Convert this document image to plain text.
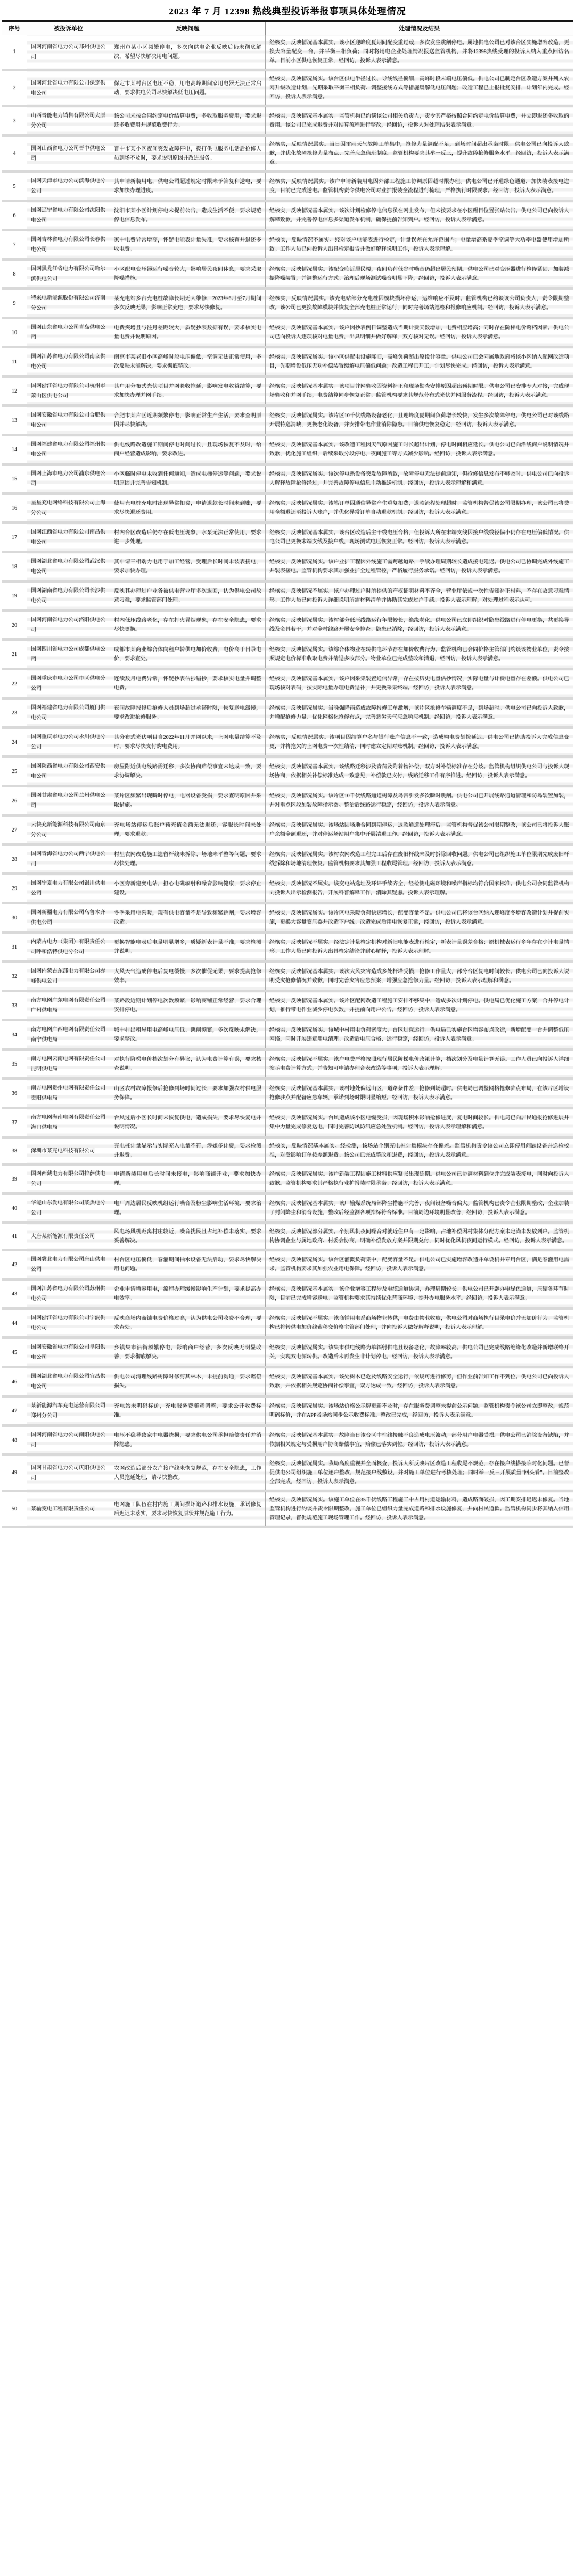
2023 年 7 月 12398 热线典型投诉举报事项具体处理情况
序号	被投诉单位	反映问题	处理情况及结果
1	国网河南省电力公司郑州供电公司	郑州市某小区频繁停电，多次向供电企业反映后仍未彻底解决，希望尽快解决用电问题。	经核实，反映情况基本属实。该小区迎峰度夏期间配变重过载，多次发生跳闸停电。属地供电公司已对该台区实施增容改造，更换大容量配变一台，并平衡三相负荷；同时将用电企业处理情况报送监管机构，并将12398热线受理的投诉人纳入重点回访名单。目前小区供电恢复正常，经回访，投诉人表示满意。
2	国网河北省电力有限公司保定供电公司	保定市某村台区电压不稳，用电高峰期间家用电器无法正常启动，要求供电公司尽快解决低电压问题。	经核实，反映情况属实。该台区供电半径过长、导线线径偏细，高峰时段末端电压偏低。供电公司已制定台区改造方案并列入农网升级改造计划，先期采取平衡三相负荷、调整接线方式等措施缓解低电压问题；改造工程已上报批复安排，计划年内完成。经回访，投诉人表示满意。
3	山西晋能电力销售有限公司太原分公司	该公司未按合同约定电价结算电费，多收取服务费用，要求退还多收费用并规范收费行为。	经核实，反映情况基本属实。监管机构已约谈该公司相关负责人，责令其严格按照合同约定电价结算电费，并立即退还多收取的费用。该公司已完成退费并对结算流程进行整改，经回访，投诉人对处理结果表示满意。
4	国网山西省电力公司晋中供电公司	晋中市某小区夜间突发故障停电，拨打供电服务电话后抢修人员到场不及时，要求说明原因并改进服务。	经核实，反映情况属实。当日因雷雨天气故障工单集中，抢修力量调配不足，到场时间超出承诺时限。供电公司已向投诉人致歉，并优化故障抢修力量布点、完善应急值班制度。监管机构要求其举一反三，提升故障抢修服务水平。经回访，投诉人表示满意。
5	国网天津市电力公司滨海供电分公司	其申请新装用电，供电公司超过规定时限未予答复和送电，要求加快办理进度。	经核实，反映情况属实。该户申请新装用电因外部工程施工协调原因超时限办理。供电公司已开通绿色通道，加快装表接电进度，目前已完成送电。监管机构责令供电公司对业扩报装全流程进行梳理，严格执行时限要求。经回访，投诉人表示满意。
6	国网辽宁省电力有限公司沈阳供电公司	沈阳市某小区计划停电未提前公告，造成生活不便，要求规范停电信息发布。	经核实，反映情况基本属实。该次计划检修停电信息虽在网上发布，但未按要求在小区醒目位置张贴公告。供电公司已向投诉人解释致歉，并完善停电信息多渠道发布机制，确保提前告知到户。经回访，投诉人表示满意。
7	国网吉林省电力有限公司长春供电公司	家中电费异常增高，怀疑电能表计量失准，要求核查并退还多收电费。	经核实，反映情况不属实。经对该户电能表进行检定，计量误差在允许范围内；电量增高系夏季空调等大功率电器使用增加所致。工作人员已向投诉人出具检定报告并做好解释说明工作，投诉人表示理解。
8	国网黑龙江省电力有限公司哈尔滨供电公司	小区配电变压器运行噪音较大，影响居民夜间休息，要求采取降噪措施。	经核实，反映情况属实。该配变临近居民楼，夜间负荷低谷时噪音仍超出居民预期。供电公司已对变压器进行检修紧固、加装减振降噪装置，并调整运行方式。治理后现场测试噪音明显下降，经回访，投诉人表示满意。
9	特来电新能源股份有限公司济南分公司	某充电站多台充电桩故障长期无人维修，2023年6月至7月期间多次反映无果，影响正常充电，要求尽快修复。	经核实，反映情况属实。该充电站部分充电桩因模块损坏停运，运维响应不及时。监管机构已约谈该公司负责人，责令限期整改。该公司已更换故障模块并恢复全部充电桩正常运行，同时完善场站巡检和报修响应机制。经回访，投诉人表示满意。
10	国网山东省电力公司青岛供电公司	电费突增且与往月差距较大，质疑抄表数据有误，要求核实电量电费并说明原因。	经核实，反映情况基本属实。该户因抄表例日调整造成当期计费天数增加，电费相应增高；同时存在阶梯电价跨档因素。供电公司已向投诉人逐项核对电量电费，出具明细并做好解释，双方核对无误。经回访，投诉人表示满意。
11	国网江苏省电力有限公司南京供电公司	南京市某老旧小区高峰时段电压偏低，空调无法正常使用，多次反映未能解决，要求彻底整改。	经核实，反映情况属实。该小区供配电设施陈旧，高峰负荷超出原设计容量。供电公司已会同属地政府将该小区纳入配网改造项目，先期增设低压无功补偿装置缓解电压偏低问题；改造工程已开工，计划尽快完成。经回访，投诉人表示满意。
12	国网浙江省电力有限公司杭州市萧山区供电公司	其户用分布式光伏项目并网验收拖延，影响发电收益结算，要求加快办理并网手续。	经核实，反映情况基本属实。该项目并网验收因资料补正和现场勘查安排原因超出预期时限。供电公司已安排专人对接，完成现场验收和并网手续，电费结算同步恢复正常。监管机构要求其规范分布式光伏并网服务流程。经回访，投诉人表示满意。
13	国网安徽省电力有限公司合肥供电公司	合肥市某片区近期频繁停电，影响正常生产生活，要求查明原因并尽快解决。	经核实，反映情况属实。该片区10千伏线路设备老化，且迎峰度夏期间负荷增长较快，发生多次故障停电。供电公司已对该线路开展特巡消缺，更换老化设备，并安排带电作业消除隐患。目前供电恢复稳定，经回访，投诉人表示满意。
14	国网福建省电力有限公司福州供电公司	供电线路改造施工期间停电时间过长，且现场恢复不及时，给商户经营造成影响，要求改进。	经核实，反映情况基本属实。该改造工程因天气原因施工时长超出计划，停电时间相应延长。供电公司已向沿线商户说明情况并致歉，优化施工组织，后续采取分段停电、夜间施工等方式减少影响。经回访，投诉人表示满意。
15	国网上海市电力公司浦东供电公司	小区临时停电未收到任何通知，造成电梯停运等问题，要求说明原因并完善告知机制。	经核实，反映情况属实。该次停电系设备突发故障所致，故障停电无法提前通知，但抢修信息发布不够及时。供电公司已向投诉人解释故障抢修经过，并完善故障停电信息主动推送机制。经回访，投诉人表示理解和满意。
16	星星充电网络科技有限公司上海分公司	使用充电桩充电时出现异常扣费，申请退款长时间未到账，要求尽快退还费用。	经核实，反映情况属实。该笔订单因通信异常产生重复扣费，退款流程处理超时。监管机构督促该公司限期办理，该公司已将费用全额退还至投诉人账户，并优化异常订单自动退款机制。经回访，投诉人表示满意。
17	国网江西省电力有限公司南昌供电公司	村内台区改造后仍存在低电压现象，水泵无法正常使用，要求进一步处理。	经核实，反映情况基本属实。该台区改造后主干线电压合格，但投诉人所在末端支线因接户线线径偏小仍存在电压偏低情况。供电公司已更换末端支线及接户线，现场测试电压恢复正常。经回访，投诉人表示满意。
18	国网湖北省电力有限公司武汉供电公司	其申请三相动力电用于加工经营，受理后长时间未装表接电，要求加快办理。	经核实，反映情况属实。该户业扩工程因外线施工需跨越道路，手续办理周期较长造成接电延迟。供电公司已协调完成外线施工并装表接电。监管机构要求其加强业扩全过程管控，严格履行服务承诺。经回访，投诉人表示满意。
19	国网湖南省电力有限公司长沙供电公司	反映其办理过户业务被供电营业厅多次退回，认为供电公司故意刁难，要求监管部门处理。	经核实，反映情况不属实。该户办理过户时所提供的产权证明材料不齐全，营业厅依规一次性告知补正材料，不存在故意刁难情形。工作人员已向投诉人详细说明所需材料清单并协助其完成过户手续。投诉人表示理解，对处理过程表示认可。
20	国网河南省电力公司洛阳供电公司	村内低压线路老化，存在打火冒烟现象，存在安全隐患，要求尽快更换。	经核实，反映情况属实。该村部分低压线路运行年限较长，绝缘老化。供电公司已立即组织对隐患线路进行停电更换，共更换导线及金具若干，并对全村线路开展安全排查。隐患已消除，经回访，投诉人表示满意。
21	国网四川省电力公司成都供电公司	成都市某商业综合体向租户转供电加价收费，电价高于目录电价，要求查处。	经核实，反映情况属实。该综合体物业在转供电环节存在加价收费行为。监管机构已会同价格主管部门约谈该物业单位，责令按照规定电价标准收取电费并清退多收部分。物业单位已完成整改和清退，经回访，投诉人表示满意。
22	国网重庆市电力公司市区供电分公司	连续数月电费异常，怀疑抄表估抄错抄，要求核实电量并调整电费。	经核实，反映情况基本属实。该户因采集装置通信异常，存在按历史电量估抄情况，实际电量与计费电量存在差额。供电公司已现场核对表码，按实际电量办理电费退补，并更换采集终端。经回访，投诉人表示满意。
23	国网福建省电力有限公司厦门供电公司	夜间故障报修后抢修人员到场超过承诺时限，恢复送电缓慢，要求改进抢修服务。	经核实，反映情况属实。当晚强降雨造成故障报修工单激增，该片区抢修车辆调度不足，到场超时。供电公司已向投诉人致歉，并增配抢修力量、优化网格化抢修布点，完善恶劣天气应急响应机制。经回访，投诉人表示满意。
24	国网重庆市电力公司永川供电分公司	其分布式光伏项目自2022年11月并网以来，上网电量结算不及时，要求尽快支付购电费用。	经核实，反映情况属实。该项目因结算户名与银行账户信息不一致，造成购电费划拨延迟。供电公司已协助投诉人完成信息变更，并将拖欠的上网电费一次性结清，同时建立定期对账机制。经回访，投诉人表示满意。
25	国网陕西省电力有限公司西安供电公司	房屋附近供电线路需迁移，多次协商赔偿事宜未达成一致，要求协调解决。	经核实，反映情况基本属实。该线路迁移涉及青苗及附着物补偿，双方对补偿标准存在分歧。监管机构组织供电公司与投诉人现场协商，依据相关补偿标准达成一致意见，补偿款已支付，线路迁移工作有序推进。经回访，投诉人表示满意。
26	国网甘肃省电力公司兰州供电公司	某片区频繁出现瞬时停电，电器设备受损，要求查明原因并采取措施。	经核实，反映情况属实。该片区10千伏线路通道树障及鸟害引发多次瞬时跳闸。供电公司已开展线路通道清理和防鸟装置加装，并对重点区段加装故障指示器。整治后线路运行稳定，经回访，投诉人表示满意。
27	云快充新能源科技有限公司南京分公司	充电场站停运后账户预充值金额无法退还，客服长时间未处理，要求退款。	经核实，反映情况属实。该场站因场地合同到期停运，退款通道处理滞后。监管机构督促该公司限期整改，该公司已将投诉人账户余额全额退还，并对停运场站用户集中开展清退工作。经回访，投诉人表示满意。
28	国网青海省电力公司西宁供电公司	村里农网改造施工遗留杆线未拆除、场地未平整等问题，要求尽快处理。	经核实，反映情况属实。该村农网改造工程完工后存在废旧杆线未及时拆除回收问题。供电公司已组织施工单位限期完成废旧杆线拆除和场地清理恢复。监管机构要求其加强工程收尾管理。经回访，投诉人表示满意。
29	国网宁夏电力有限公司银川供电公司	小区旁新建变电站，担心电磁辐射和噪音影响健康，要求停止建设。	经核实，反映情况不属实。该变电站选址及环评手续齐全，经检测电磁环境和噪声指标均符合国家标准。供电公司会同监管机构向投诉人出示检测报告，开展科普解释工作，消除其疑虑。投诉人表示理解。
30	国网新疆电力有限公司乌鲁木齐供电公司	冬季采用电采暖，现有供电容量不足导致频繁跳闸，要求增容改造。	经核实，反映情况属实。该片区电采暖负荷快速增长，配变容量不足。供电公司已将该台区纳入迎峰度冬增容改造计划并提前实施，更换大容量变压器并改造下户线。改造完成后用电恢复正常，经回访，投诉人表示满意。
31	内蒙古电力（集团）有限责任公司呼和浩特供电分公司	更换智能电表后电量明显增多，质疑新表计量不准，要求检测并说明。	经核实，反映情况不属实。经法定计量检定机构对新旧电能表进行检定，新表计量误差合格；原机械表运行多年存在少计电量情形。工作人员已向投诉人出具检定结论并耐心解释，投诉人表示理解。
32	国网内蒙古东部电力有限公司赤峰供电公司	大风天气造成停电后复电缓慢，多次催促无果，要求提高抢修效率。	经核实，反映情况基本属实。该次大风灾害造成多处杆塔受损，抢修工作量大，部分台区复电时间较长。供电公司已向投诉人说明受灾抢修情况并致歉，同时完善灾害应急预案，增强应急抢修力量。经回访，投诉人表示理解和满意。
33	南方电网广东电网有限责任公司广州供电局	某路段近期计划停电次数频繁，影响商铺正常经营，要求合理安排停电。	经核实，反映情况基本属实。该片区配网改造工程施工安排不够集中，造成多次计划停电。供电局已优化施工方案，合并停电计划，推行带电作业减少停电次数，并提前向用户公告。经回访，投诉人表示满意。
34	南方电网广西电网有限责任公司南宁供电局	城中村出租屋用电高峰电压低、跳闸频繁，多次反映未解决，要求整改。	经核实，反映情况属实。该城中村用电负荷密度大，台区过载运行。供电局已实施台区增容布点改造，新增配变一台并调整低压网络，同时开展违章用电清理。改造后电压合格、运行稳定，经回访，投诉人表示满意。
35	南方电网云南电网有限责任公司昆明供电局	对执行阶梯电价档次划分有异议，认为电费计算有误，要求核查说明。	经核实，反映情况不属实。该户电费严格按照现行居民阶梯电价政策计算，档次划分及电量计算无误。工作人员已向投诉人详细演示电费计算方式，并告知可申请办理合表改造等事项，投诉人表示理解。
36	南方电网贵州电网有限责任公司贵阳供电局	山区农村故障报修后抢修到场时间过长，要求加强农村供电服务保障。	经核实，反映情况基本属实。该村地处偏远山区，道路条件差，抢修到场超时。供电局已调整网格抢修驻点布局，在该片区增设抢修驻点并配备应急车辆，承诺到场时限明显缩短。经回访，投诉人表示满意。
37	南方电网海南电网有限责任公司海口供电局	台风过后小区长时间未恢复供电，造成损失，要求尽快复电并说明情况。	经核实，反映情况属实。台风造成该小区电缆受损，因现场积水影响抢修进度，复电时间较长。供电局已向居民通报抢修进展并集中力量完成修复送电，同时完善防风防汛应急处置机制。经回访，投诉人表示理解和满意。
38	深圳市某充电科技有限公司	充电桩计量显示与实际充入电量不符，涉嫌多计费，要求检测并退费。	经核实，反映情况基本属实。经检测，该场站个别充电桩计量模块存在偏差。监管机构责令该公司立即停用问题设备并送检校准，对受影响订单按差额退费。该公司已完成整改和退费，经回访，投诉人表示满意。
39	国网西藏电力有限公司拉萨供电公司	申请新装用电后长时间未接电，影响商铺开业，要求加快办理。	经核实，反映情况属实。该户新装工程因施工材料供应紧张出现延期。供电公司已协调材料到位并完成装表接电，同时向投诉人致歉。监管机构要求其严格执行业扩报装时限承诺。经回访，投诉人表示满意。
40	华能山东发电有限公司某热电分公司	电厂周边居民反映机组运行噪音及粉尘影响生活环境，要求治理。	经核实，反映情况基本属实。该厂输煤系统局部降尘措施不完善，夜间设备噪音偏大。监管机构已责令企业限期整改，企业加装了封闭降尘和消音设施，整改后经监测各项指标符合标准。目前周边环境明显改善，经回访，投诉人表示满意。
41	大唐某新能源有限责任公司	风电场风机距离村庄较近，噪音扰民且占地补偿未落实，要求妥善解决。	经核实，反映情况部分属实。个别风机夜间噪音对就近住户有一定影响，占地补偿因村集体分配方案未定尚未发放到户。监管机构协调企业与属地政府、村委会协商，明确补偿发放方案并限期兑付，同时优化风机夜间运行模式。经回访，投诉人表示满意。
42	国网冀北电力有限公司唐山供电公司	村台区电压偏低，春灌期间抽水设备无法启动，要求尽快解决用电问题。	经核实，反映情况属实。该台区灌溉负荷集中，配变容量不足。供电公司已实施增容改造并单设机井专用台区，满足春灌用电需求。监管机构要求其加强农业用电保障。经回访，投诉人表示满意。
43	国网江苏省电力有限公司苏州供电公司	企业申请增容用电，流程办理缓慢影响生产计划，要求提高办电效率。	经核实，反映情况基本属实。该企业增容工程涉及电缆通道协调，办理周期较长。供电公司已开辟办电绿色通道，压缩各环节时限，目前已完成增容送电。监管机构要求其持续优化营商环境、提升办电服务水平。经回访，投诉人表示满意。
44	国网浙江省电力有限公司宁波供电公司	反映商场内商铺电费价格过高，认为供电公司收费不合理，要求查处。	经核实，反映情况不属实。该商铺用电系商场物业转供，电费由物业收取，供电公司对商场执行目录电价并无加价行为。监管机构已将转供电加价线索移交价格主管部门处理，并向投诉人做好解释说明，投诉人表示理解。
45	国网安徽省电力有限公司阜阳供电公司	乡镇集市沿街频繁停电，影响商户经营，多次反映无明显改善，要求彻底解决。	经核实，反映情况属实。该集市供电线路为单辐射供电且设备老化，故障率较高。供电公司已完成线路绝缘化改造并新增联络开关，实现双电源转供。改造后未再发生非计划停电，经回访，投诉人表示满意。
46	国网湖北省电力有限公司宜昌供电公司	供电公司清理线路树障时修剪其林木，未提前沟通，要求赔偿损失。	经核实，反映情况基本属实。该处树木已危及线路安全运行，依规可进行修剪，但作业前告知工作不到位。供电公司已向投诉人致歉，并依据相关规定协商补偿事宜，双方达成一致。经回访，投诉人表示满意。
47	某新能源汽车充电运营有限公司郑州分公司	充电站未明码标价，充电服务费随意调整，要求公开收费标准。	经核实，反映情况属实。该场站价格公示牌更新不及时，存在服务费调整未提前公示问题。监管机构责令该公司立即整改，规范明码标价，并在APP及场站同步公示收费标准。整改已完成，经回访，投诉人表示满意。
48	国网河南省电力公司南阳供电公司	电压不稳导致家中电器烧损，要求供电公司承担赔偿责任并消除隐患。	经核实，反映情况基本属实。故障当日该台区中性线接触不良造成电压波动，部分用户电器受损。供电公司已消除设备缺陷，并依据相关规定与受损用户协商赔偿事宜，赔偿已落实到位。经回访，投诉人表示满意。
49	国网甘肃省电力公司庆阳供电公司	农网改造后部分农户接户线未恢复规范，存在安全隐患，工作人员拖延处理，请尽快整改。	经核实，反映情况属实。我局高度重视并全面核查，投诉人所反映片区改造工程收尾不规范，存在接户线搭接临时化问题。已督促供电公司组织施工单位逐户整改，规范接户线敷设，并对施工单位进行考核处理；同时举一反三开展质量“回头看”。目前整改全部完成，经回访，投诉人表示满意。
50	某输变电工程有限责任公司	电网施工队伍在村内施工期间损坏道路和排水设施，承诺修复后迟迟未落实，要求尽快恢复原状并规范施工行为。	经核实，反映情况属实。该施工单位在35千伏线路工程施工中占用村道运输材料，造成路面破损，因工期安排迟迟未修复。当地监管机构进行约谈并责令限期整改，施工单位已组织力量完成道路和排水设施修复，并向村民道歉。监管机构同步将其纳入信用管理记录，督促规范施工现场管理工作。经回访，投诉人表示满意。
